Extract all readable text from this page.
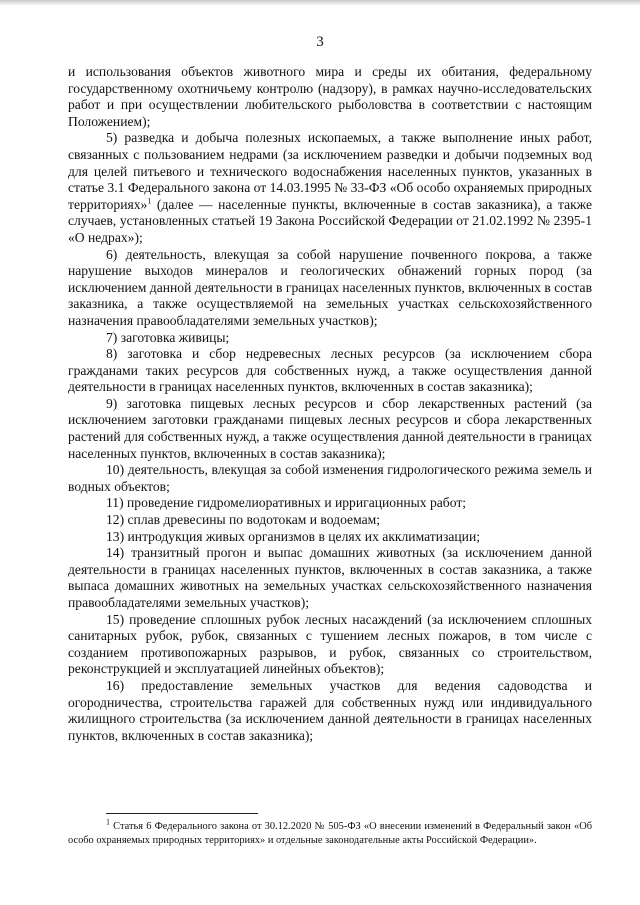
3

и использования объектов животного мира и среды их обитания, федеральному государственному охотничьему контролю (надзору), в рамках научно-исследовательских работ и при осуществлении любительского рыболовства в соответствии с настоящим Положением);

5) разведка и добыча полезных ископаемых, а также выполнение иных работ, связанных с пользованием недрами (за исключением разведки и добычи подземных вод для целей питьевого и технического водоснабжения населенных пунктов, указанных в статье 3.1 Федерального закона от 14.03.1995 № 33-ФЗ «Об особо охраняемых природных территориях»$^1$ (далее — населенные пункты, включенные в состав заказника), а также случаев, установленных статьей 19 Закона Российской Федерации от 21.02.1992 № 2395-1 «О недрах»);

6) деятельность, влекущая за собой нарушение почвенного покрова, а также нарушение выходов минералов и геологических обнажений горных пород (за исключением данной деятельности в границах населенных пунктов, включенных в состав заказника, а также осуществляемой на земельных участках сельскохозяйственного назначения правообладателями земельных участков);

7) заготовка живицы;

8) заготовка и сбор недревесных лесных ресурсов (за исключением сбора гражданами таких ресурсов для собственных нужд, а также осуществления данной деятельности в границах населенных пунктов, включенных в состав заказника);

9) заготовка пищевых лесных ресурсов и сбор лекарственных растений (за исключением заготовки гражданами пищевых лесных ресурсов и сбора лекарственных растений для собственных нужд, а также осуществления данной деятельности в границах населенных пунктов, включенных в состав заказника);

10) деятельность, влекущая за собой изменения гидрологического режима земель и водных объектов;

11) проведение гидромелиоративных и ирригационных работ;

12) сплав древесины по водотокам и водоемам;

13) интродукция живых организмов в целях их акклиматизации;

14) транзитный прогон и выпас домашних животных (за исключением данной деятельности в границах населенных пунктов, включенных в состав заказника, а также выпаса домашних животных на земельных участках сельскохозяйственного назначения правообладателями земельных участков);

15) проведение сплошных рубок лесных насаждений (за исключением сплошных санитарных рубок, рубок, связанных с тушением лесных пожаров, в том числе с созданием противопожарных разрывов, и рубок, связанных со строительством, реконструкцией и эксплуатацией линейных объектов);

16) предоставление земельных участков для ведения садоводства и огородничества, строительства гаражей для собственных нужд или индивидуального жилищного строительства (за исключением данной деятельности в границах населенных пунктов, включенных в состав заказника);

$^1$ Статья 6 Федерального закона от 30.12.2020 № 505-ФЗ «О внесении изменений в Федеральный закон «Об особо охраняемых природных территориях» и отдельные законодательные акты Российской Федерации».
